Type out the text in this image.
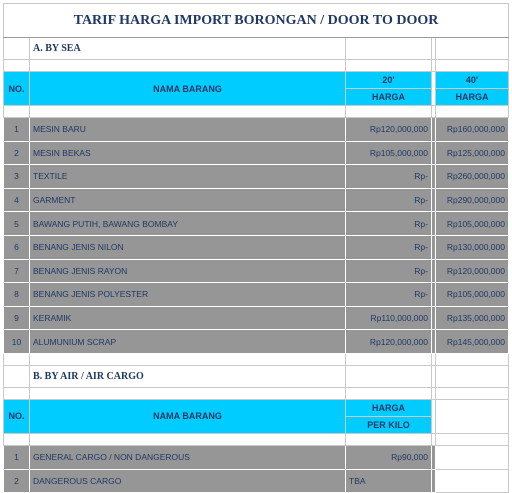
TARIF HARGA IMPORT BORONGAN / DOOR TO DOOR				
	A. BY SEA			

NO.	NAMA BARANG	20'		40'
		HARGA		HARGA

1	MESIN BARU	Rp120,000,000		Rp160,000,000
2	MESIN BEKAS	Rp105,000,000		Rp125,000,000
3	TEXTILE	Rp-		Rp260,000,000
4	GARMENT	Rp-		Rp290,000,000
5	BAWANG PUTIH, BAWANG BOMBAY	Rp-		Rp105,000,000
6	BENANG JENIS NILON	Rp-		Rp130,000,000
7	BENANG JENIS RAYON	Rp-		Rp120,000,000
8	BENANG JENIS POLYESTER	Rp-		Rp105,000,000
9	KERAMIK	Rp110,000,000		Rp135,000,000
10	ALUMUNIUM SCRAP	Rp120,000,000		Rp145,000,000

	B. BY AIR / AIR CARGO			

NO.	NAMA BARANG	HARGA		
		PER KILO		

1	GENERAL CARGO / NON DANGEROUS	Rp90,000		
2	DANGEROUS CARGO	TBA		
